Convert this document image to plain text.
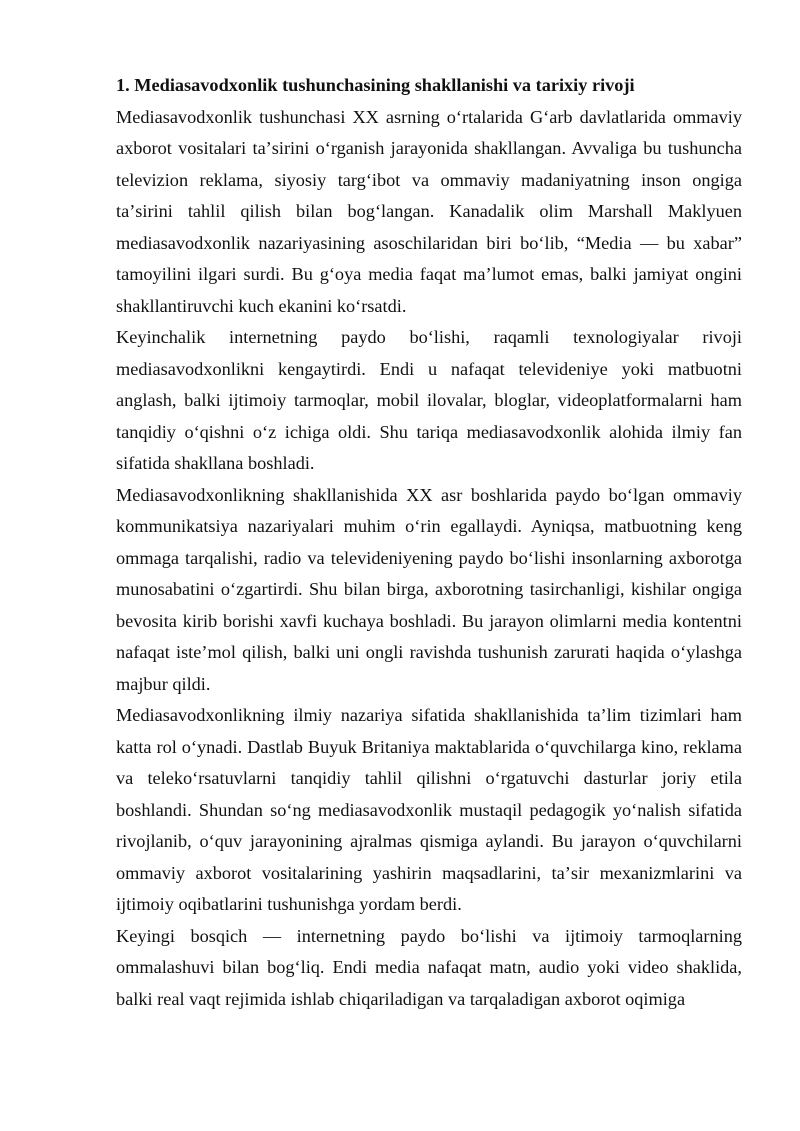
1. Mediasavodxonlik tushunchasining shakllanishi va tarixiy rivoji

Mediasavodxonlik tushunchasi XX asrning oʻrtalarida Gʻarb davlatlarida ommaviy axborot vositalari taʼsirini oʻrganish jarayonida shakllangan. Avvaliga bu tushuncha televizion reklama, siyosiy targʻibot va ommaviy madaniyatning inson ongiga taʼsirini tahlil qilish bilan bogʻlangan. Kanadalik olim Marshall Maklyuen mediasavodxonlik nazariyasining asoschilaridan biri boʻlib, “Media — bu xabar” tamoyilini ilgari surdi. Bu gʻoya media faqat maʼlumot emas, balki jamiyat ongini shakllantiruvchi kuch ekanini koʻrsatdi.

Keyinchalik internetning paydo boʻlishi, raqamli texnologiyalar rivoji mediasavodxonlikni kengaytirdi. Endi u nafaqat televideniye yoki matbuotni anglash, balki ijtimoiy tarmoqlar, mobil ilovalar, bloglar, videoplatformalarni ham tanqidiy oʻqishni oʻz ichiga oldi. Shu tariqa mediasavodxonlik alohida ilmiy fan sifatida shakllana boshladi.

Mediasavodxonlikning shakllanishida XX asr boshlarida paydo boʻlgan ommaviy kommunikatsiya nazariyalari muhim oʻrin egallaydi. Ayniqsa, matbuotning keng ommaga tarqalishi, radio va televideniyening paydo boʻlishi insonlarning axborotga munosabatini oʻzgartirdi. Shu bilan birga, axborotning tasirchanligi, kishilar ongiga bevosita kirib borishi xavfi kuchaya boshladi. Bu jarayon olimlarni media kontentni nafaqat isteʼmol qilish, balki uni ongli ravishda tushunish zarurati haqida oʻylashga majbur qildi.

Mediasavodxonlikning ilmiy nazariya sifatida shakllanishida taʼlim tizimlari ham katta rol oʻynadi. Dastlab Buyuk Britaniya maktablarida oʻquvchilarga kino, reklama va telekoʻrsatuvlarni tanqidiy tahlil qilishni oʻrgatuvchi dasturlar joriy etila boshlandi. Shundan soʻng mediasavodxonlik mustaqil pedagogik yoʻnalish sifatida rivojlanib, oʻquv jarayonining ajralmas qismiga aylandi. Bu jarayon oʻquvchilarni ommaviy axborot vositalarining yashirin maqsadlarini, taʼsir mexanizmlarini va ijtimoiy oqibatlarini tushunishga yordam berdi.

Keyingi bosqich — internetning paydo boʻlishi va ijtimoiy tarmoqlarning ommalashuvi bilan bogʻliq. Endi media nafaqat matn, audio yoki video shaklida, balki real vaqt rejimida ishlab chiqariladigan va tarqaladigan axborot oqimiga
